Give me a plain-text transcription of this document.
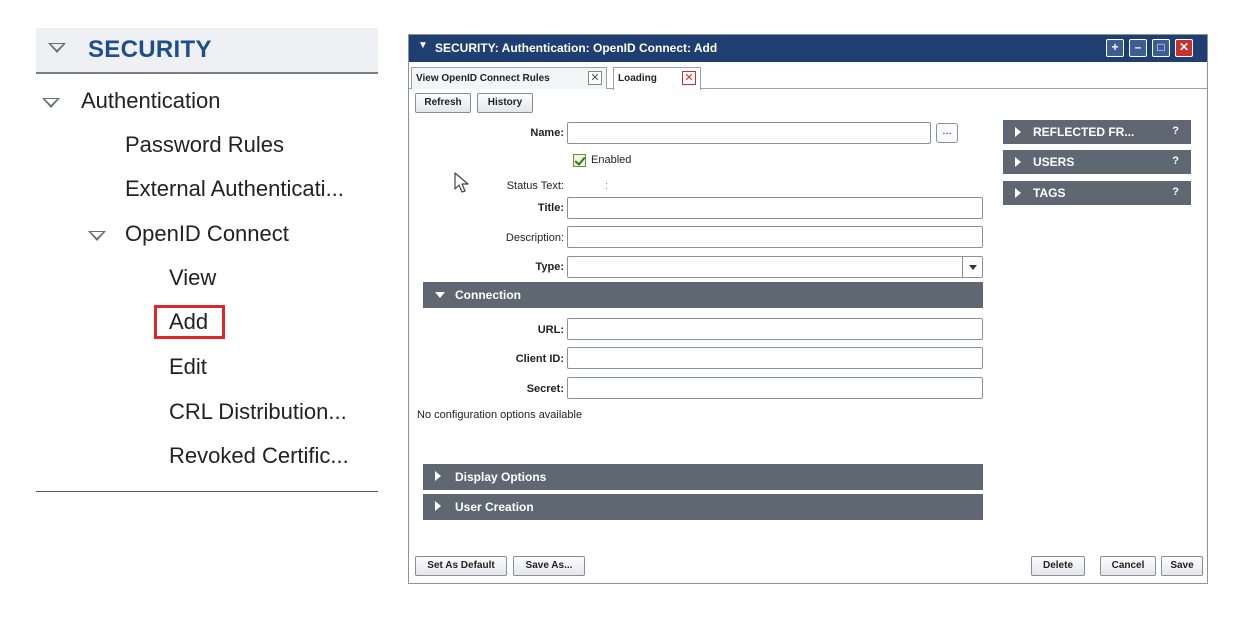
SECURITY
Authentication
Password Rules
External Authenticati...
OpenID Connect
View
Add
Edit
CRL Distribution...
Revoked Certific...
▼ SECURITY: Authentication: OpenID Connect: Add	+	–	□	✕
View OpenID Connect Rules	✕	Loading	✕
Refresh	History
Name:	...
Enabled
Status Text:	:
Title:
Description:
Type:
Connection
URL:
Client ID:
Secret:
No configuration options available
Display Options
User Creation
REFLECTED FR...	?
USERS	?
TAGS	?
Set As Default	Save As...	Delete	Cancel	Save
